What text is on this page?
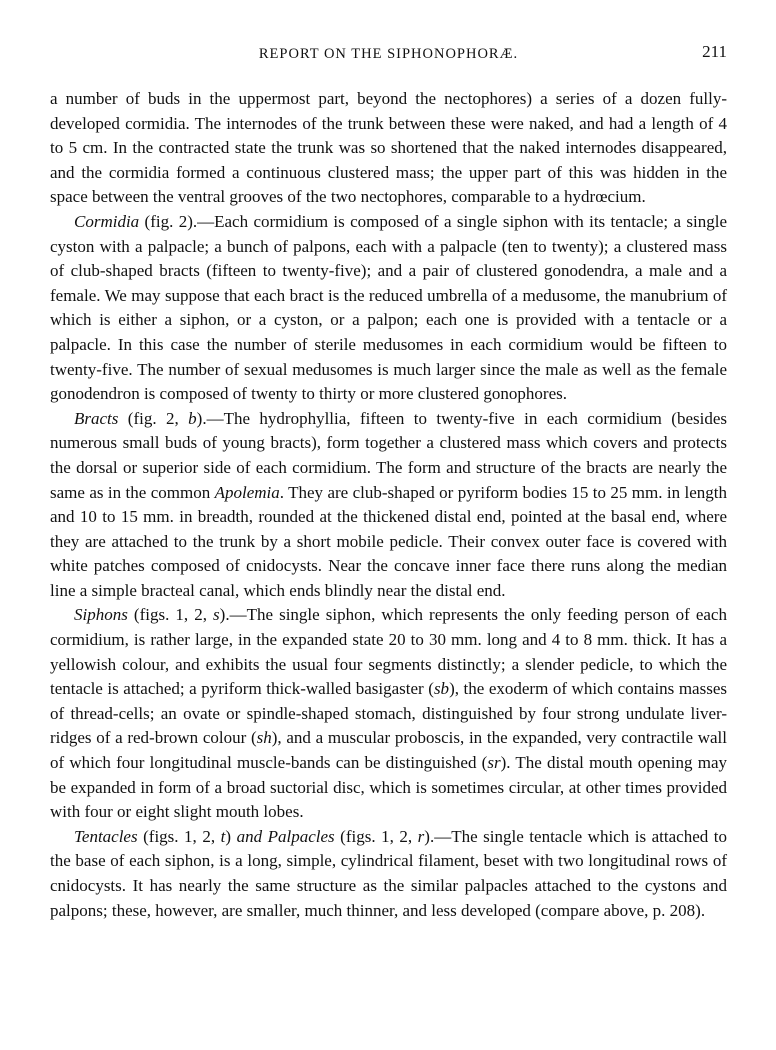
REPORT ON THE SIPHONOPHORÆ.	211

a number of buds in the uppermost part, beyond the nectophores) a series of a dozen fully-developed cormidia. The internodes of the trunk between these were naked, and had a length of 4 to 5 cm. In the contracted state the trunk was so shortened that the naked internodes disappeared, and the cormidia formed a continuous clustered mass; the upper part of this was hidden in the space between the ventral grooves of the two nectophores, comparable to a hydrœcium.

Cormidia (fig. 2).—Each cormidium is composed of a single siphon with its tentacle; a single cyston with a palpacle; a bunch of palpons, each with a palpacle (ten to twenty); a clustered mass of club-shaped bracts (fifteen to twenty-five); and a pair of clustered gonodendra, a male and a female. We may suppose that each bract is the reduced umbrella of a medusome, the manubrium of which is either a siphon, or a cyston, or a palpon; each one is provided with a tentacle or a palpacle. In this case the number of sterile medusomes in each cormidium would be fifteen to twenty-five. The number of sexual medusomes is much larger since the male as well as the female gonodendron is composed of twenty to thirty or more clustered gonophores.

Bracts (fig. 2, b).—The hydrophyllia, fifteen to twenty-five in each cormidium (besides numerous small buds of young bracts), form together a clustered mass which covers and protects the dorsal or superior side of each cormidium. The form and structure of the bracts are nearly the same as in the common Apolemia. They are club-shaped or pyriform bodies 15 to 25 mm. in length and 10 to 15 mm. in breadth, rounded at the thickened distal end, pointed at the basal end, where they are attached to the trunk by a short mobile pedicle. Their convex outer face is covered with white patches composed of cnidocysts. Near the concave inner face there runs along the median line a simple bracteal canal, which ends blindly near the distal end.

Siphons (figs. 1, 2, s).—The single siphon, which represents the only feeding person of each cormidium, is rather large, in the expanded state 20 to 30 mm. long and 4 to 8 mm. thick. It has a yellowish colour, and exhibits the usual four segments distinctly; a slender pedicle, to which the tentacle is attached; a pyriform thick-walled basigaster (sb), the exoderm of which contains masses of thread-cells; an ovate or spindle-shaped stomach, distinguished by four strong undulate liver-ridges of a red-brown colour (sh), and a muscular proboscis, in the expanded, very contractile wall of which four longitudinal muscle-bands can be distinguished (sr). The distal mouth opening may be expanded in form of a broad suctorial disc, which is sometimes circular, at other times provided with four or eight slight mouth lobes.

Tentacles (figs. 1, 2, t) and Palpacles (figs. 1, 2, r).—The single tentacle which is attached to the base of each siphon, is a long, simple, cylindrical filament, beset with two longitudinal rows of cnidocysts. It has nearly the same structure as the similar palpacles attached to the cystons and palpons; these, however, are smaller, much thinner, and less developed (compare above, p. 208).
